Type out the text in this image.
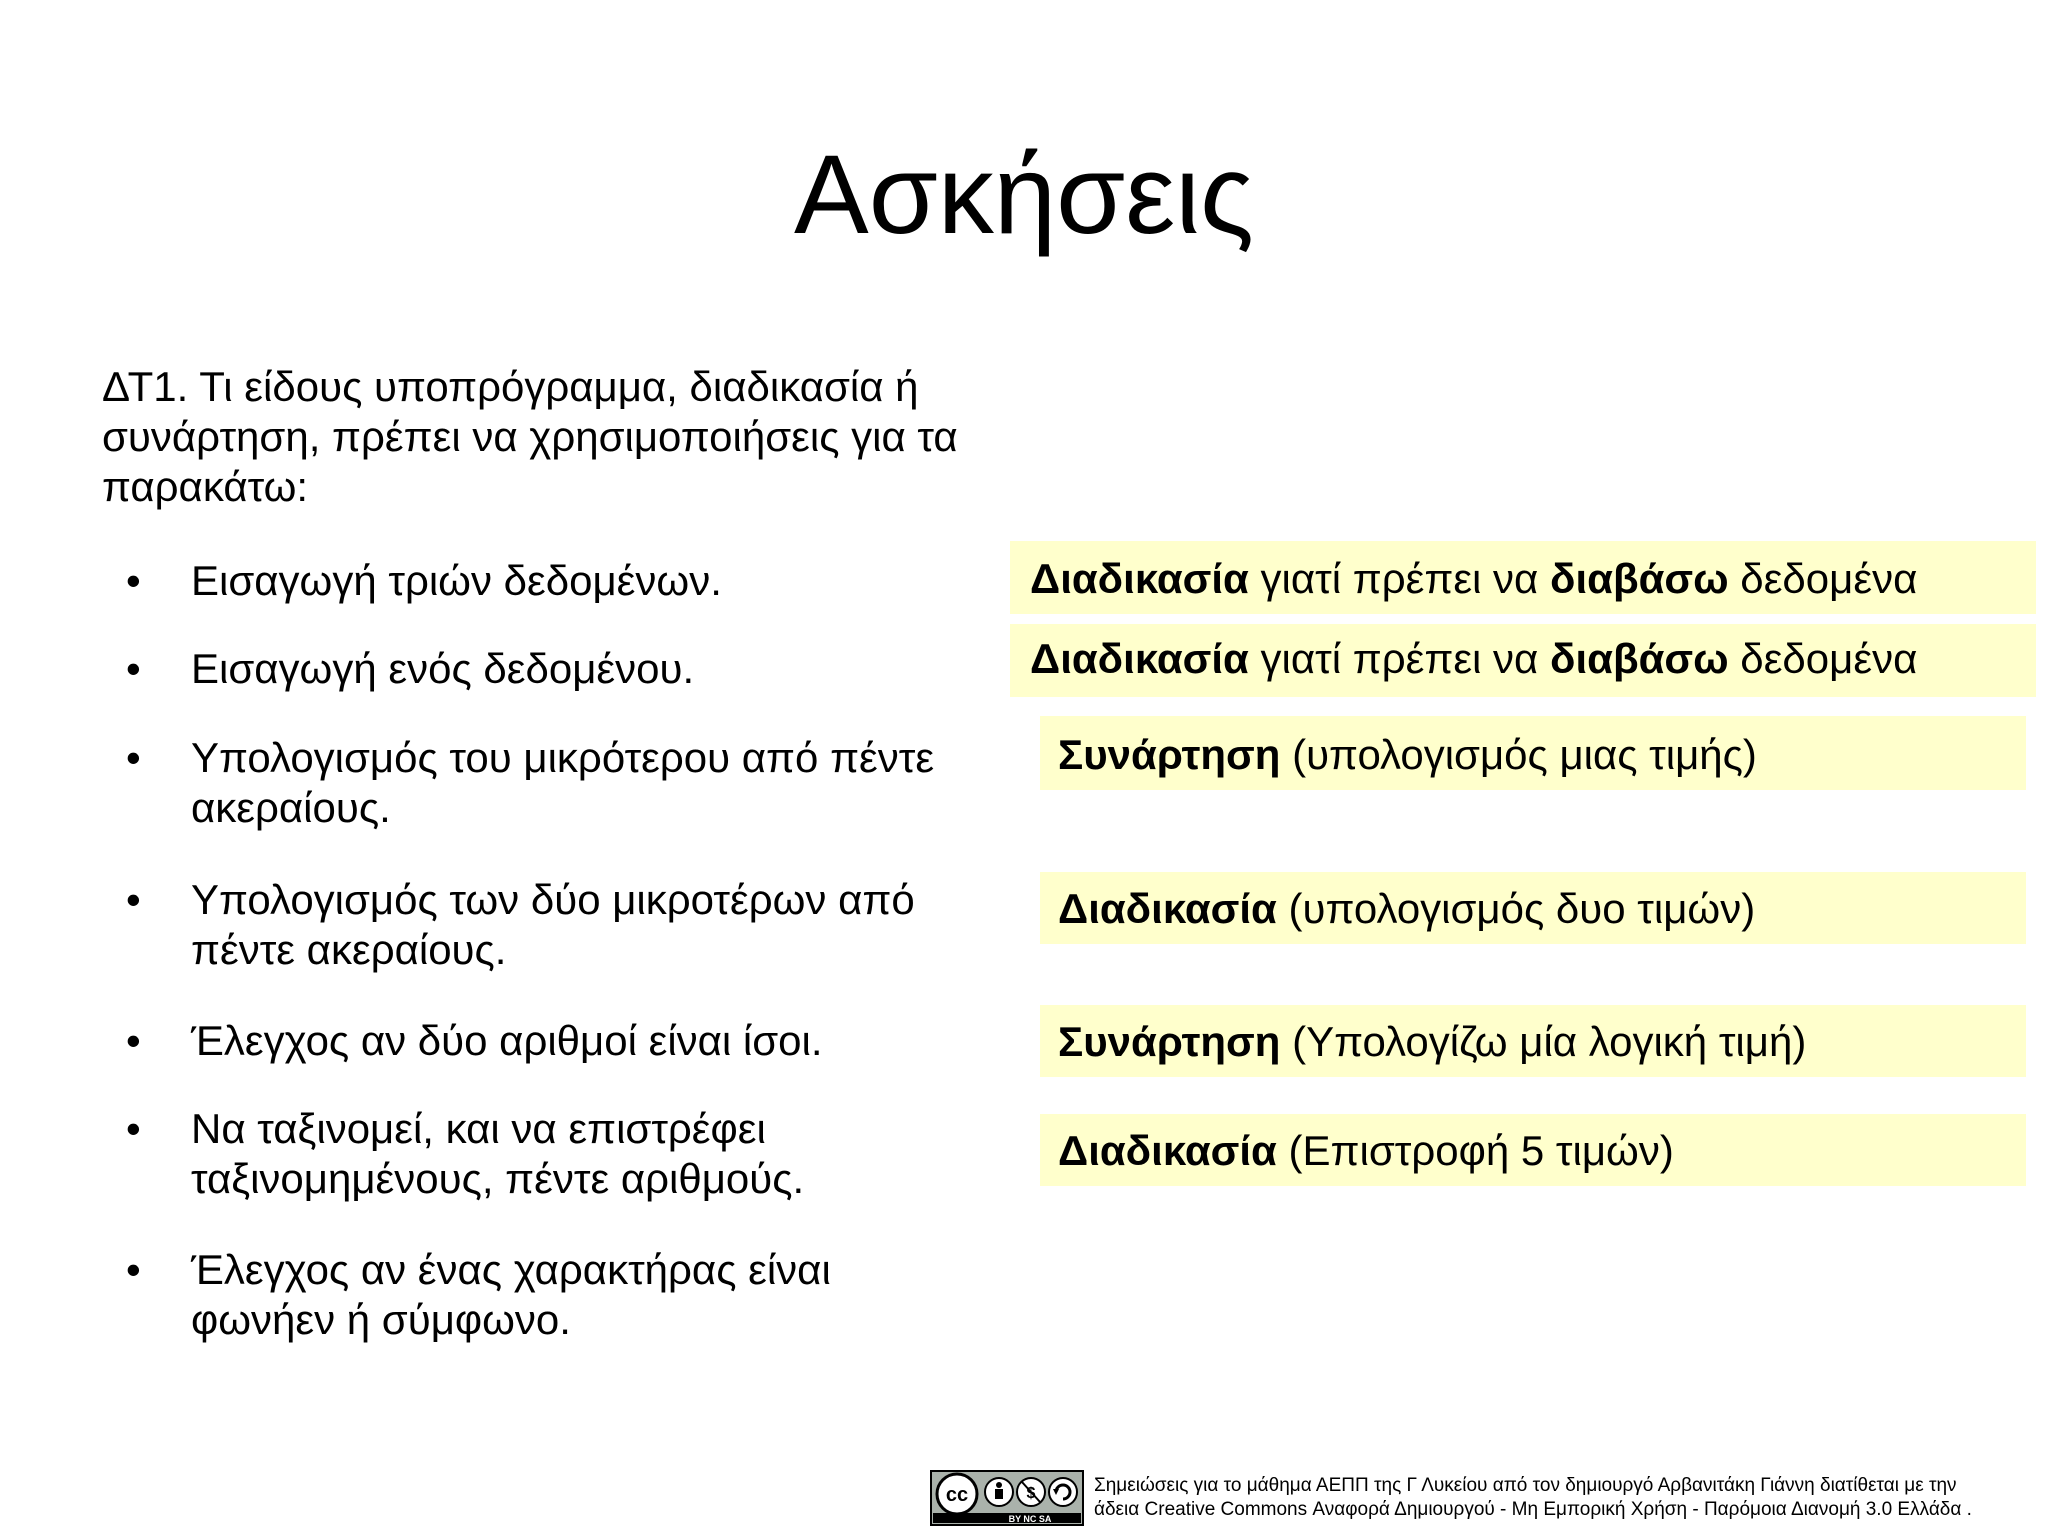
Ασκήσεις
ΔΤ1. Τι είδους υποπρόγραμμα, διαδικασία ή συνάρτηση, πρέπει να χρησιμοποιήσεις για τα παρακάτω:
• Εισαγωγή τριών δεδομένων.
• Εισαγωγή ενός δεδομένου.
• Υπολογισμός του μικρότερου από πέντε
ακεραίους.
• Υπολογισμός των δύο μικροτέρων από
πέντε ακεραίους.
• Έλεγχος αν δύο αριθμοί είναι ίσοι.
• Να ταξινομεί, και να επιστρέφει
ταξινομημένους, πέντε αριθμούς.
• Έλεγχος αν ένας χαρακτήρας είναι
φωνήεν ή σύμφωνο.
Διαδικασία γιατί πρέπει να διαβάσω δεδομένα
Διαδικασία γιατί πρέπει να διαβάσω δεδομένα
Συνάρτηση (υπολογισμός μιας τιμής)
Διαδικασία (υπολογισμός δυο τιμών)
Συνάρτηση (Υπολογίζω μία λογική τιμή)
Διαδικασία (Επιστροφή 5 τιμών)
cc	$
BY NC SA
Σημειώσεις για το μάθημα ΑΕΠΠ της Γ Λυκείου από τον δημιουργό Αρβανιτάκη Γιάννη διατίθεται με την
άδεια Creative Commons Αναφορά Δημιουργού - Μη Εμπορική Χρήση - Παρόμοια Διανομή 3.0 Ελλάδα .
